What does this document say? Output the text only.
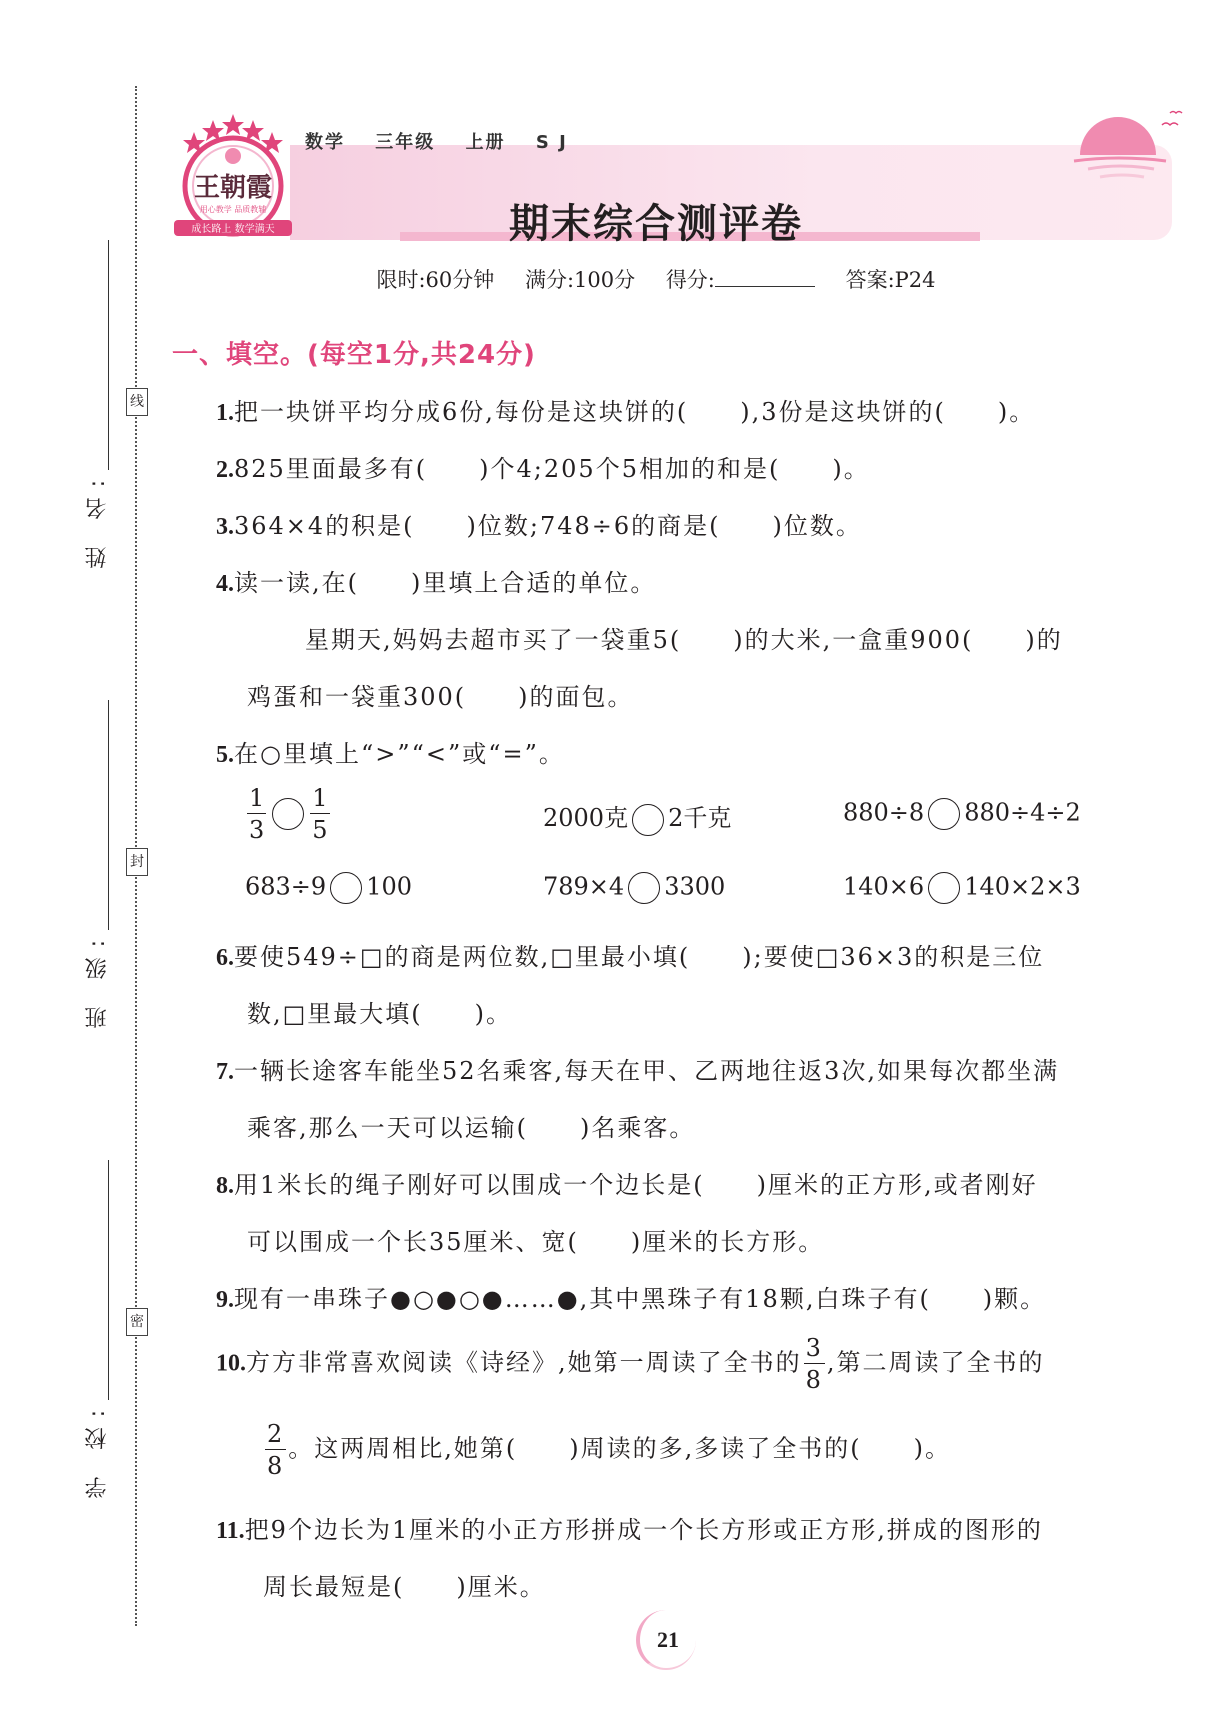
姓 名:
班 级:
学 校:
线
封
密
王朝霞
用心教学 品质教辅
成长路上 数学满天
数学 三年级 上册 S J
期末综合测评卷
限时:60分钟 满分:100分 得分:	答案:P24
一、填空。(每空1分,共24分)
1.把一块饼平均分成6份,每份是这块饼的(　　),3份是这块饼的(　　)。
2.825里面最多有(　　)个4;205个5相加的和是(　　)。
3.364×4的积是(　　)位数;748÷6的商是(　　)位数。
4.读一读,在(　　)里填上合适的单位。
星期天,妈妈去超市买了一袋重5(　　)的大米,一盒重900(　　)的
鸡蛋和一袋重300(　　)的面包。
5.在○里填上“>”“<”或“=”。
$\frac{1}{3} \frac{1}{5}$	2000克 2千克	880÷8 880÷4÷2
683÷9 100	789×4 3300	140×6 140×2×3
6.要使549÷□的商是两位数,□里最小填(　　);要使□36×3的积是三位
数,□里最大填(　　)。
7.一辆长途客车能坐52名乘客,每天在甲、乙两地往返3次,如果每次都坐满
乘客,那么一天可以运输(　　)名乘客。
8.用1米长的绳子刚好可以围成一个边长是(　　)厘米的正方形,或者刚好
可以围成一个长35厘米、宽(　　)厘米的长方形。
9.现有一串珠子●○●○●……●,其中黑珠子有18颗,白珠子有(　　)颗。
10.方方非常喜欢阅读《诗经》,她第一周读了全书的 $\frac{3}{8}$ ,第二周读了全书的
$\frac{2}{8}$ 。这两周相比,她第(　　)周读的多,多读了全书的(　　)。
11.把9个边长为1厘米的小正方形拼成一个长方形或正方形,拼成的图形的
周长最短是(　　)厘米。
21
